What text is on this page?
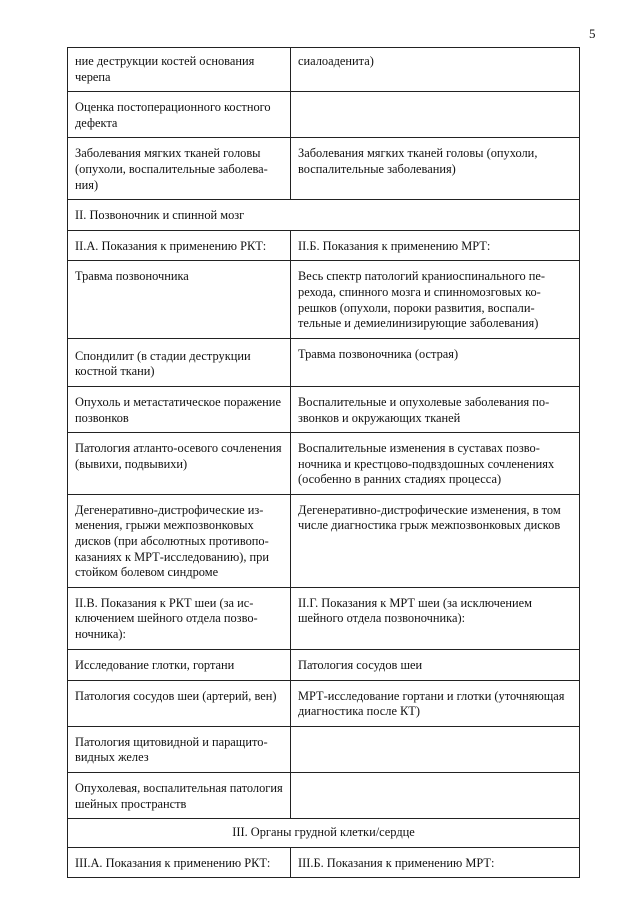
5
ние деструкции костей основания черепа	сиалоаденита)
Оценка постоперационного костного дефекта	
Заболевания мягких тканей головы (опухоли, воспалительные заболевания)	Заболевания мягких тканей головы (опухоли, воспалительные заболевания)
II. Позвоночник и спинной мозг	
II.А. Показания к применению РКТ:	II.Б. Показания к применению МРТ:
Травма позвоночника	Весь спектр патологий краниоспинального перехода, спинного мозга и спинномозговых корешков (опухоли, пороки развития, воспалительные и демиелинизирующие заболевания)
Спондилит (в стадии деструкции костной ткани)	Травма позвоночника (острая)
Опухоль и метастатическое поражение позвонков	Воспалительные и опухолевые заболевания позвонков и окружающих тканей
Патология атланто-осевого сочленения (вывихи, подвывихи)	Воспалительные изменения в суставах позвоночника и крестцово-подвздошных сочленениях (особенно в ранних стадиях процесса)
Дегенеративно-дистрофические изменения, грыжи межпозвонковых дисков (при абсолютных противопоказаниях к МРТ-исследованию), при стойком болевом синдроме	Дегенеративно-дистрофические изменения, в том числе диагностика грыж межпозвонковых дисков
II.В. Показания к РКТ шеи (за исключением шейного отдела позвоночника):	II.Г. Показания к МРТ шеи (за исключением шейного отдела позвоночника):
Исследование глотки, гортани	Патология сосудов шеи
Патология сосудов шеи (артерий, вен)	МРТ-исследование гортани и глотки (уточняющая диагностика после КТ)
Патология щитовидной и паращитовидных желез	
Опухолевая, воспалительная патология шейных пространств	
III. Органы грудной клетки/сердце	
III.А. Показания к применению РКТ:	III.Б. Показания к применению МРТ:
